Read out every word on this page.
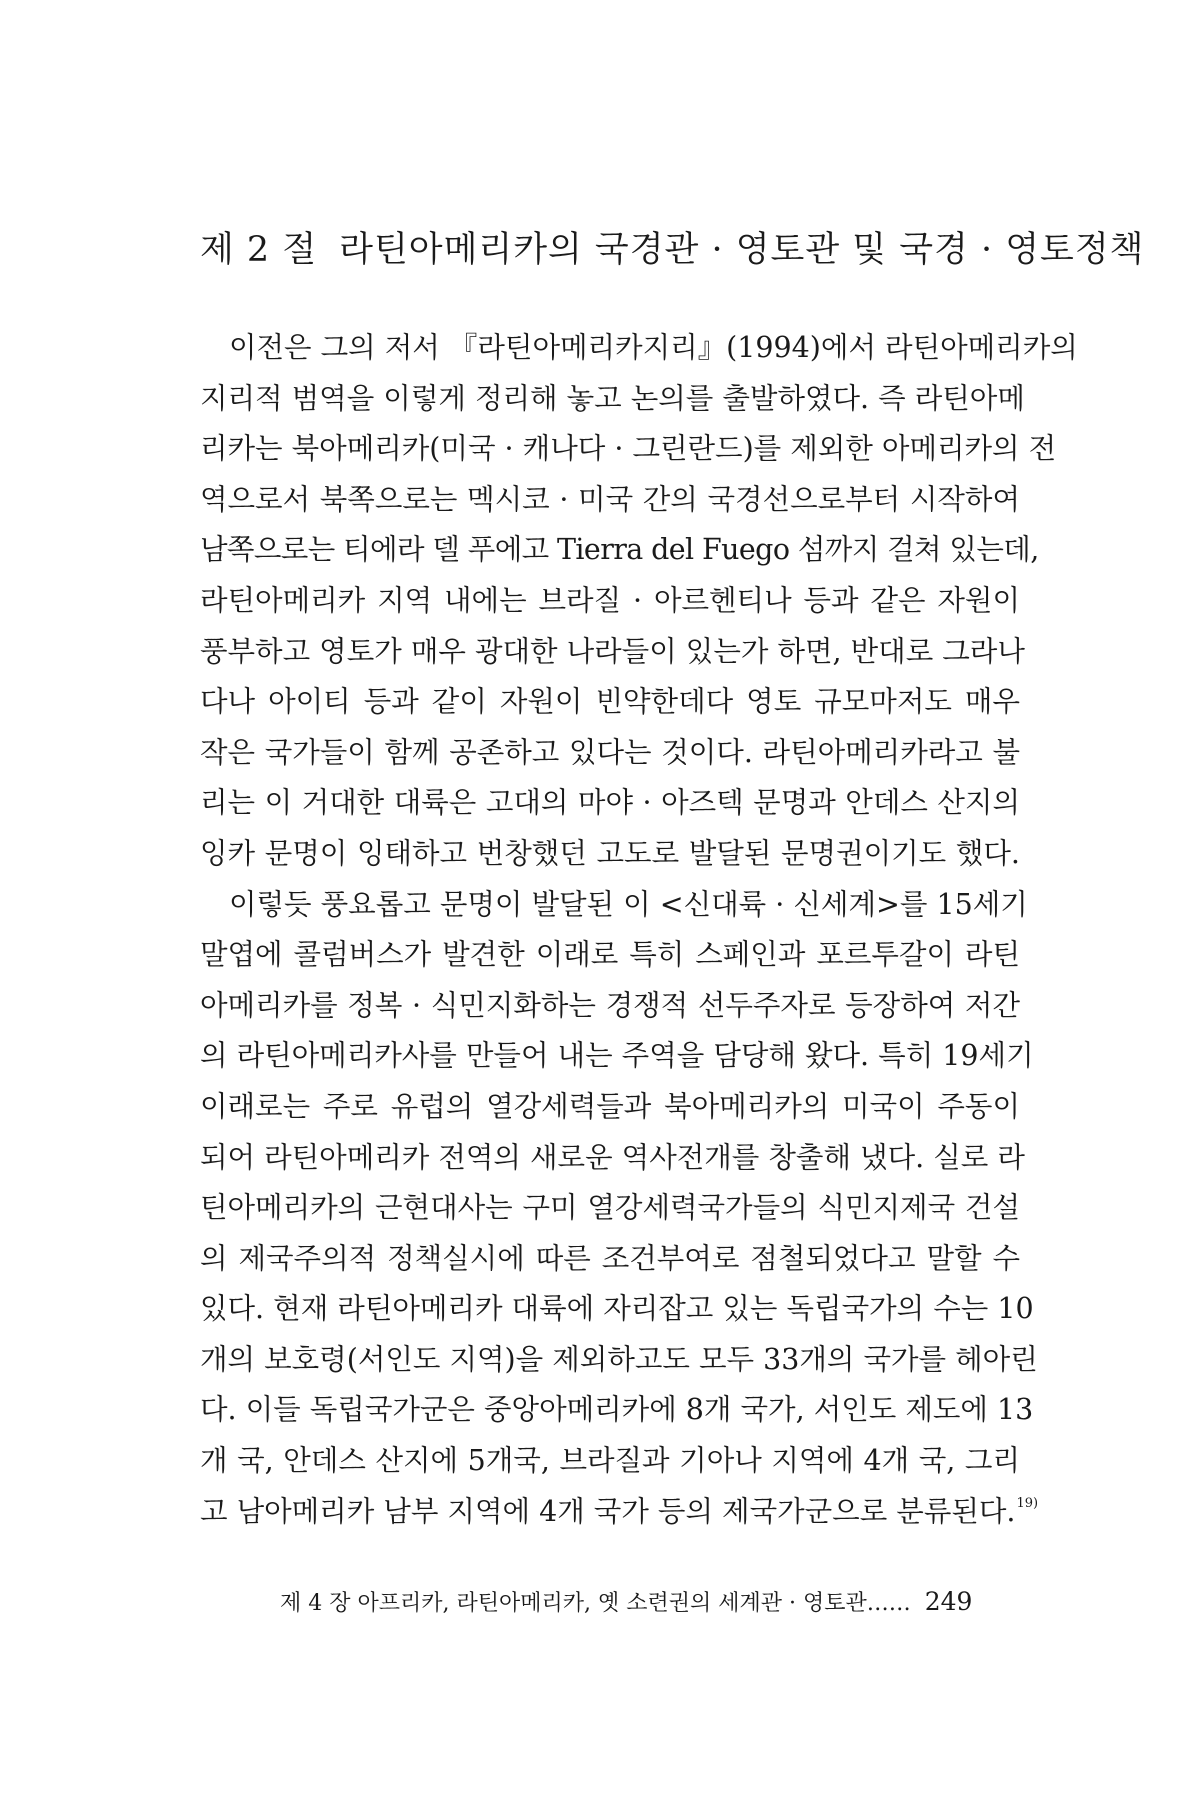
제 2 절 라틴아메리카의 국경관 · 영토관 및 국경 · 영토정책
이전은 그의 저서 『라틴아메리카지리』(1994)에서 라틴아메리카의
지리적 범역을 이렇게 정리해 놓고 논의를 출발하였다. 즉 라틴아메
리카는 북아메리카(미국 · 캐나다 · 그린란드)를 제외한 아메리카의 전
역으로서 북쪽으로는 멕시코 · 미국 간의 국경선으로부터 시작하여
남쪽으로는 티에라 델 푸에고 Tierra del Fuego 섬까지 걸쳐 있는데,
라틴아메리카 지역 내에는 브라질 · 아르헨티나 등과 같은 자원이
풍부하고 영토가 매우 광대한 나라들이 있는가 하면, 반대로 그라나
다나 아이티 등과 같이 자원이 빈약한데다 영토 규모마저도 매우
작은 국가들이 함께 공존하고 있다는 것이다. 라틴아메리카라고 불
리는 이 거대한 대륙은 고대의 마야 · 아즈텍 문명과 안데스 산지의
잉카 문명이 잉태하고 번창했던 고도로 발달된 문명권이기도 했다.
이렇듯 풍요롭고 문명이 발달된 이 <신대륙 · 신세계>를 15세기
말엽에 콜럼버스가 발견한 이래로 특히 스페인과 포르투갈이 라틴
아메리카를 정복 · 식민지화하는 경쟁적 선두주자로 등장하여 저간
의 라틴아메리카사를 만들어 내는 주역을 담당해 왔다. 특히 19세기
이래로는 주로 유럽의 열강세력들과 북아메리카의 미국이 주동이
되어 라틴아메리카 전역의 새로운 역사전개를 창출해 냈다. 실로 라
틴아메리카의 근현대사는 구미 열강세력국가들의 식민지제국 건설
의 제국주의적 정책실시에 따른 조건부여로 점철되었다고 말할 수
있다. 현재 라틴아메리카 대륙에 자리잡고 있는 독립국가의 수는 10
개의 보호령(서인도 지역)을 제외하고도 모두 33개의 국가를 헤아린
다. 이들 독립국가군은 중앙아메리카에 8개 국가, 서인도 제도에 13
개 국, 안데스 산지에 5개국, 브라질과 기아나 지역에 4개 국, 그리
고 남아메리카 남부 지역에 4개 국가 등의 제국가군으로 분류된다.$^{19)}$
제 4 장 아프리카, 라틴아메리카, 옛 소련권의 세계관 · 영토관…… 249
